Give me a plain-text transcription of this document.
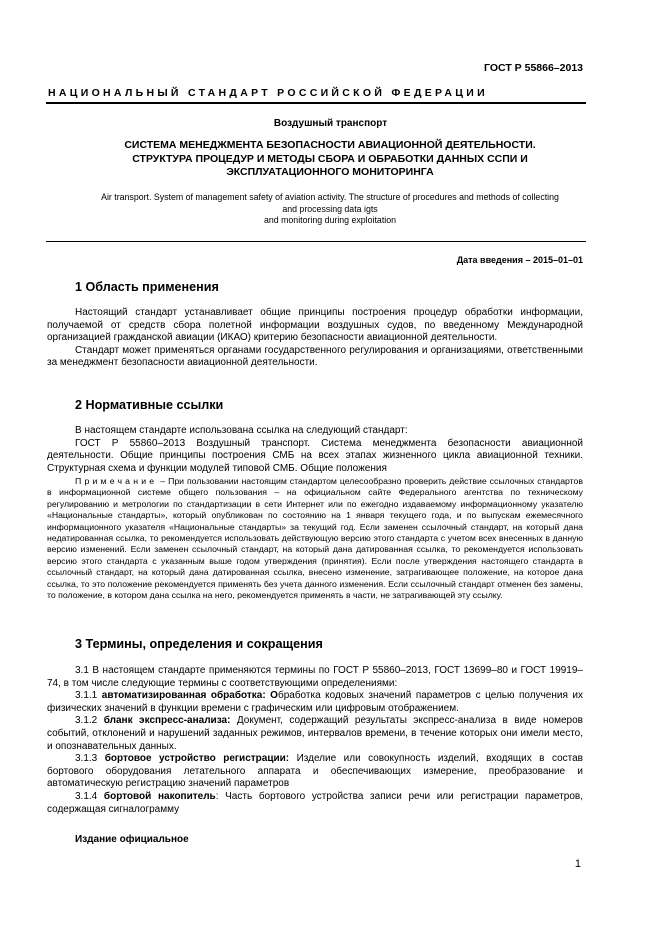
ГОСТ Р 55866–2013
НАЦИОНАЛЬНЫЙ СТАНДАРТ РОССИЙСКОЙ ФЕДЕРАЦИИ
Воздушный транспорт
СИСТЕМА МЕНЕДЖМЕНТА БЕЗОПАСНОСТИ АВИАЦИОННОЙ ДЕЯТЕЛЬНОСТИ.
СТРУКТУРА ПРОЦЕДУР И МЕТОДЫ СБОРА И ОБРАБОТКИ ДАННЫХ ССПИ И
ЭКСПЛУАТАЦИОННОГО МОНИТОРИНГА
Air transport. System of management safety of aviation activity. The structure of procedures and methods of collecting
and processing data igts
and monitoring during exploitation
Дата введения – 2015–01–01
1 Область применения

Настоящий стандарт устанавливает общие принципы построения процедур обработки информации, получаемой от средств сбора полетной информации воздушных судов, по введенному Международной организацией гражданской авиации (ИКАО) критерию безопасности авиационной деятельности.

Стандарт может применяться органами государственного регулирования и организациями, ответственными за менеджмент безопасности авиационной деятельности.

2 Нормативные ссылки

В настоящем стандарте использована ссылка на следующий стандарт:

ГОСТ Р 55860–2013 Воздушный транспорт. Система менеджмента безопасности авиационной деятельности. Общие принципы построения СМБ на всех этапах жизненного цикла авиационной техники. Структурная схема и функции модулей типовой СМБ. Общие положения

Примечание – При пользовании настоящим стандартом целесообразно проверить действие ссылочных стандартов в информационной системе общего пользования – на официальном сайте Федерального агентства по техническому регулированию и метрологии по стандартизации в сети Интернет или по ежегодно издаваемому информационному указателю «Национальные стандарты», который опубликован по состоянию на 1 января текущего года, и по выпускам ежемесячного информационного указателя «Национальные стандарты» за текущий год. Если заменен ссылочный стандарт, на который дана недатированная ссылка, то рекомендуется использовать действующую версию этого стандарта с учетом всех внесенных в данную версию изменений. Если заменен ссылочный стандарт, на который дана датированная ссылка, то рекомендуется использовать версию этого стандарта с указанным выше годом утверждения (принятия). Если после утверждения настоящего стандарта в ссылочный стандарт, на который дана датированная ссылка, внесено изменение, затрагивающее положение, на которое дана ссылка, то это положение рекомендуется применять без учета данного изменения. Если ссылочный стандарт отменен без замены, то положение, в котором дана ссылка на него, рекомендуется применять в части, не затрагивающей эту ссылку.

3 Термины, определения и сокращения

3.1 В настоящем стандарте применяются термины по ГОСТ Р 55860–2013, ГОСТ 13699–80 и ГОСТ 19919–74, в том числе следующие термины с соответствующими определениями:

3.1.1 автоматизированная обработка: Обработка кодовых значений параметров с целью получения их физических значений в функции времени с графическим или цифровым отображением.

3.1.2 бланк экспресс-анализа: Документ, содержащий результаты экспресс-анализа в виде номеров событий, отклонений и нарушений заданных режимов, интервалов времени, в течение которых они имели место, и опознавательных данных.

3.1.3 бортовое устройство регистрации: Изделие или совокупность изделий, входящих в состав бортового оборудования летательного аппарата и обеспечивающих измерение, преобразование и автоматическую регистрацию значений параметров

3.1.4 бортовой накопитель: Часть бортового устройства записи речи или регистрации параметров, содержащая сигналограмму

Издание официальное
1
